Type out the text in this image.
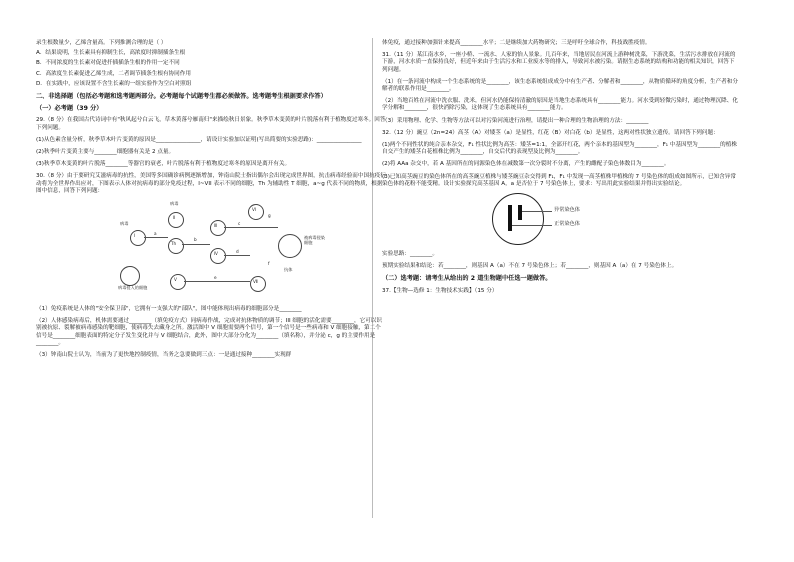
录生根数量少，乙烯含量高。下列推测合理的是（ ）

A．结果说明，生长素具有抑制生长，高浓度时抑制插条生根

B．不同浓度的生长素对促进扦插插条生根的作用一定不同

C．高浓度生长素促进乙烯生成，二者调节插条生根有协同作用

D．在实践中，应该设置不含生长素的一组实验作为空白对照组

二、非选择题（包括必考题和选考题两部分。必考题每个试题考生都必须做答。选考题考生根据要求作答）

（一）必考题（39 分）

29.（8 分）在我国古代诗词中有"秋风起兮白云飞，草木黄落兮雁南归"来描绘秋日景象。秋季草木变黄的叶片脱落有利于植物度过寒冬。回答下列问题。

(1)从色素含量分析，秋季草木叶片变黄的原因是________________，请设计实验加以证明(写出简要的实验思路)：________________

(2)秋季叶片变黄主要与________细胞器有关是 2 点量。

(3)秋季草木变黄的叶片脱落________等器官的衰老，叶片脱落有利于植物度过寒冬的原因是离开有关。

30.（8 分）由于要研究艾滋病毒的抗性，美国等多国确诊病例逐渐增加，钟南山院士指出偶尔会出现完成世界图，抗击病毒经验而中国抗疫行动将为全世界作出应对，下图表示人体对抗病毒的部分免疫过程，I~VII 表示不同的细胞，Th 为辅助性 T 细胞，a~g 代表不同的物质，根据图中信息，回答下列问题：

病毒
Ⅰ
病毒
Ⅱ
Th
Ⅲ
Ⅳ
Ⅴ
Ⅵ
Ⅶ
被病毒侵染细胞
病毒侵入的细胞
抗体
a
b
c
d
e
f
g

（1）免疫系统是人体的"安全保卫部"，它拥有一支强大的"部队"，图中能体现出病毒的细胞部分是________

（2）人体感染病毒后，机体需要通过________（填免疫方式）同病毒作战，完成对抗体物质的调节；III 细胞的活化需要________，它可以识别被抗原、裂解被病毒感染的靶细胞，使病毒失去藏身之所。激活图中 V 细胞需要两个信号，第一个信号是一些病毒和 V 细胞接触，第二个信号是________细胞表面的特定分子发生变化并与 V 细胞结合，此外，图中大部分分化为________（填名称），并分泌 c，g 的主要作用是________。

（3）钟南山院士认为，当前为了更快地控制疫情，当务之急要做到三点：一是通过接种________实现群

体免疫，通过接种加强针来提高________水平；二是继续加大药物研究；三是呼吁全球合作，科技战胜疫情。

31.（11 分）某江南水乡，一座小桥、一流水、人家的怡人景象。几百年来，当地居民在河流上游种树洗菜，下游洗菜，生活污水排放在河流的下游，河水水质一直保持良好，但近年来由于生活污水和工业废水等的排入，导致河水被污染。请据生态系统的结构和功能的相关知识，回答下列问题。

（1）在一条河流中构成一个生态系统的是________，该生态系统组成成分中有生产者、分解者和________，从物质循环的角度分析，生产者和分解者的联系作用是________。

（2）当地百姓在河流中洗衣服、洗米，但河水仍能保持清澈的原因是当地生态系统具有________能力。河水受到轻微污染时，通过物理沉降、化学分解和________，很快消除污染，这体现了生态系统具有________能力。

（3）采用物理、化学、生物等方法可以对污染河流进行治理，请提出一种合理的生物治理的方法：________

32.（12 分）豌豆（2n=24）高茎（A）对矮茎（a）是显性，红花（B）对白花（b）是显性，这两对性状独立遗传。请回答下列问题：

(1)两个不同性状的纯合亲本杂交，F₁ 性状比例为高茎：矮茎=1:1，全部开红花，两个亲本的基因型为________，F₁ 中基因型为________的植株自交产生的矮茎白花植株比例为________，自交后代的表现型及比例为________。

(2)将 AAa 杂交中，若 A 基因所在的同源染色体在减数第一次分裂时不分离，产生的雌配子染色体数目为________。

(3)已知高茎豌豆的染色体所在的高茎豌豆植株与矮茎豌豆杂交得到 F₁，F₁ 中发现一高茎植株甲植株的 7 号染色体的组成如图所示，已知含异常染色体的花粉不能受精。设计实验探究高茎基因 A，a 是否位于 7 号染色体上，要求：写出用此实验结果并得出实验结论。

异常染色体
正常染色体

实验思路：________。

预期实验结果和结论：若________，则基因 A（a）不在 7 号染色体上；若________，则基因 A（a）在 7 号染色体上。

（二）选考题：请考生从给出的 2 道生物题中任选一题做答。

37.【生物—选修 1：生物技术实践】（15 分）
